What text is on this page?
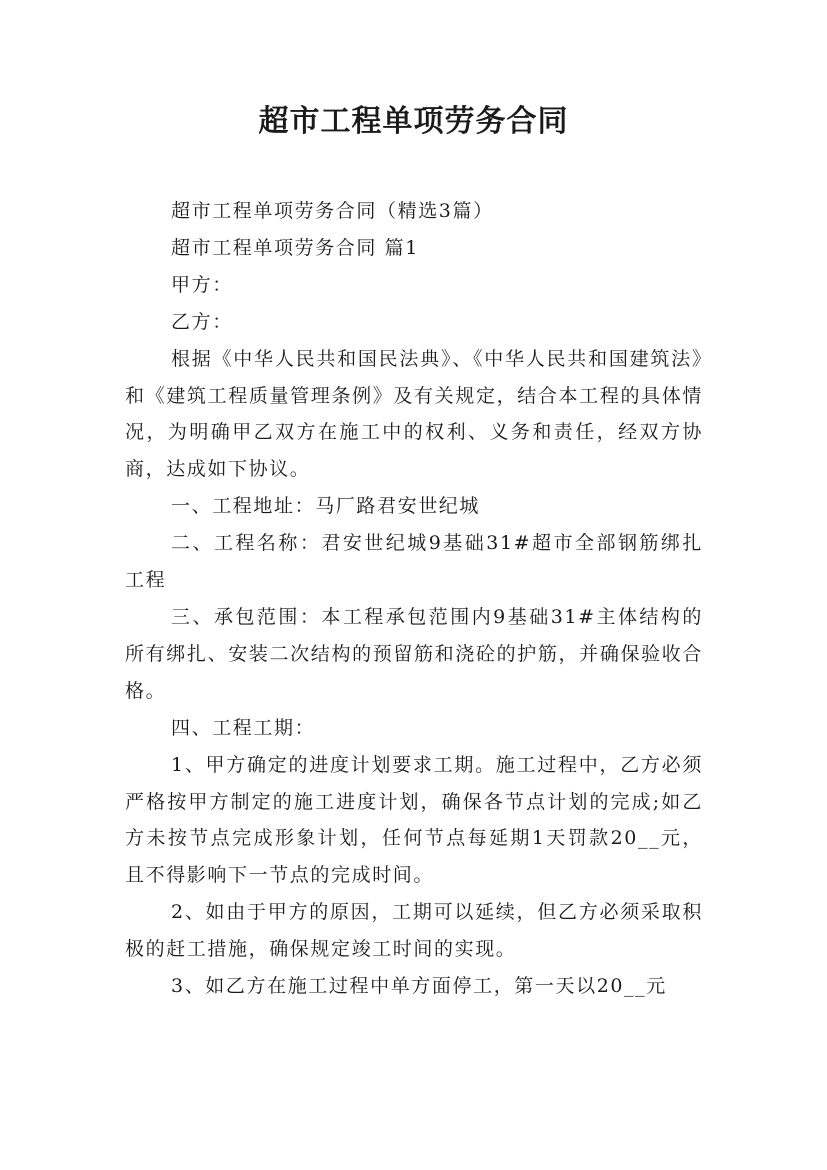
超市工程单项劳务合同

超市工程单项劳务合同（精选3篇）

超市工程单项劳务合同 篇1

甲方：

乙方：

根据《中华人民共和国民法典》、《中华人民共和国建筑法》和《建筑工程质量管理条例》及有关规定，结合本工程的具体情况，为明确甲乙双方在施工中的权利、义务和责任，经双方协商，达成如下协议。

一、工程地址：马厂路君安世纪城

二、工程名称：君安世纪城9基础31#超市全部钢筋绑扎工程

三、承包范围：本工程承包范围内9基础31#主体结构的所有绑扎、安装二次结构的预留筋和浇砼的护筋，并确保验收合格。

四、工程工期：

1、甲方确定的进度计划要求工期。施工过程中，乙方必须严格按甲方制定的施工进度计划，确保各节点计划的完成;如乙方未按节点完成形象计划，任何节点每延期1天罚款20__元，且不得影响下一节点的完成时间。

2、如由于甲方的原因，工期可以延续，但乙方必须采取积极的赶工措施，确保规定竣工时间的实现。

3、如乙方在施工过程中单方面停工，第一天以20__元
